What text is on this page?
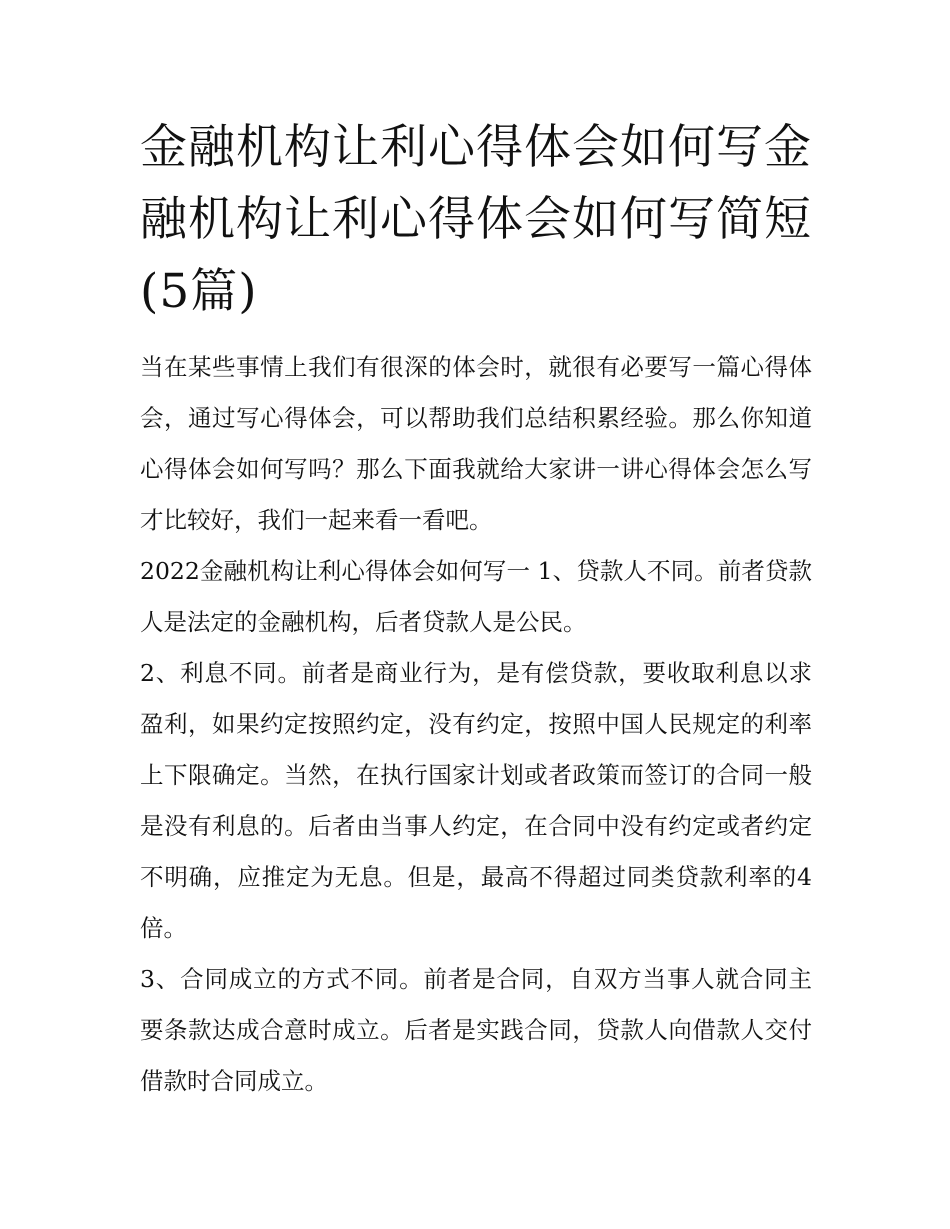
金融机构让利心得体会如何写金融机构让利心得体会如何写简短(5篇)

当在某些事情上我们有很深的体会时，就很有必要写一篇心得体会，通过写心得体会，可以帮助我们总结积累经验。那么你知道心得体会如何写吗？那么下面我就给大家讲一讲心得体会怎么写才比较好，我们一起来看一看吧。

2022金融机构让利心得体会如何写一 1、贷款人不同。前者贷款人是法定的金融机构，后者贷款人是公民。

2、利息不同。前者是商业行为，是有偿贷款，要收取利息以求盈利，如果约定按照约定，没有约定，按照中国人民规定的利率上下限确定。当然，在执行国家计划或者政策而签订的合同一般是没有利息的。后者由当事人约定，在合同中没有约定或者约定不明确，应推定为无息。但是，最高不得超过同类贷款利率的4倍。

3、合同成立的方式不同。前者是合同，自双方当事人就合同主要条款达成合意时成立。后者是实践合同，贷款人向借款人交付借款时合同成立。
